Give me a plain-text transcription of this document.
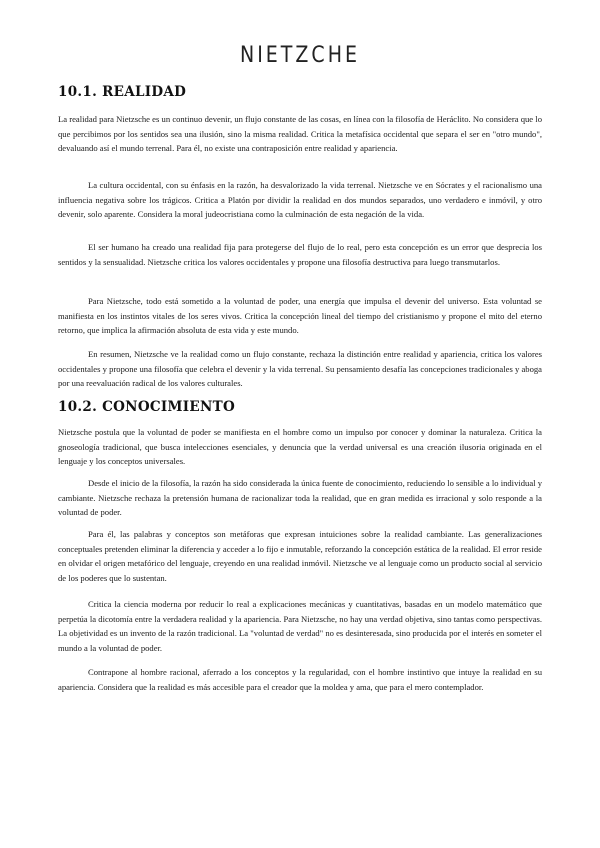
NIETZCHE
10.1. REALIDAD

La realidad para Nietzsche es un continuo devenir, un flujo constante de las cosas, en línea con la filosofía de Heráclito. No considera que lo que percibimos por los sentidos sea una ilusión, sino la misma realidad. Critica la metafísica occidental que separa el ser en "otro mundo", devaluando así el mundo terrenal. Para él, no existe una contraposición entre realidad y apariencia.

La cultura occidental, con su énfasis en la razón, ha desvalorizado la vida terrenal. Nietzsche ve en Sócrates y el racionalismo una influencia negativa sobre los trágicos. Critica a Platón por dividir la realidad en dos mundos separados, uno verdadero e inmóvil, y otro devenir, solo aparente. Considera la moral judeocristiana como la culminación de esta negación de la vida.

El ser humano ha creado una realidad fija para protegerse del flujo de lo real, pero esta concepción es un error que desprecia los sentidos y la sensualidad. Nietzsche critica los valores occidentales y propone una filosofía destructiva para luego transmutarlos.

Para Nietzsche, todo está sometido a la voluntad de poder, una energía que impulsa el devenir del universo. Esta voluntad se manifiesta en los instintos vitales de los seres vivos. Critica la concepción lineal del tiempo del cristianismo y propone el mito del eterno retorno, que implica la afirmación absoluta de esta vida y este mundo.

En resumen, Nietzsche ve la realidad como un flujo constante, rechaza la distinción entre realidad y apariencia, critica los valores occidentales y propone una filosofía que celebra el devenir y la vida terrenal. Su pensamiento desafía las concepciones tradicionales y aboga por una reevaluación radical de los valores culturales.

10.2. CONOCIMIENTO

Nietzsche postula que la voluntad de poder se manifiesta en el hombre como un impulso por conocer y dominar la naturaleza. Critica la gnoseología tradicional, que busca intelecciones esenciales, y denuncia que la verdad universal es una creación ilusoria originada en el lenguaje y los conceptos universales.

Desde el inicio de la filosofía, la razón ha sido considerada la única fuente de conocimiento, reduciendo lo sensible a lo individual y cambiante. Nietzsche rechaza la pretensión humana de racionalizar toda la realidad, que en gran medida es irracional y solo responde a la voluntad de poder.

Para él, las palabras y conceptos son metáforas que expresan intuiciones sobre la realidad cambiante. Las generalizaciones conceptuales pretenden eliminar la diferencia y acceder a lo fijo e inmutable, reforzando la concepción estática de la realidad. El error reside en olvidar el origen metafórico del lenguaje, creyendo en una realidad inmóvil. Nietzsche ve al lenguaje como un producto social al servicio de los poderes que lo sustentan.

Critica la ciencia moderna por reducir lo real a explicaciones mecánicas y cuantitativas, basadas en un modelo matemático que perpetúa la dicotomía entre la verdadera realidad y la apariencia. Para Nietzsche, no hay una verdad objetiva, sino tantas como perspectivas. La objetividad es un invento de la razón tradicional. La "voluntad de verdad" no es desinteresada, sino producida por el interés en someter el mundo a la voluntad de poder.

Contrapone al hombre racional, aferrado a los conceptos y la regularidad, con el hombre instintivo que intuye la realidad en su apariencia. Considera que la realidad es más accesible para el creador que la moldea y ama, que para el mero contemplador.
